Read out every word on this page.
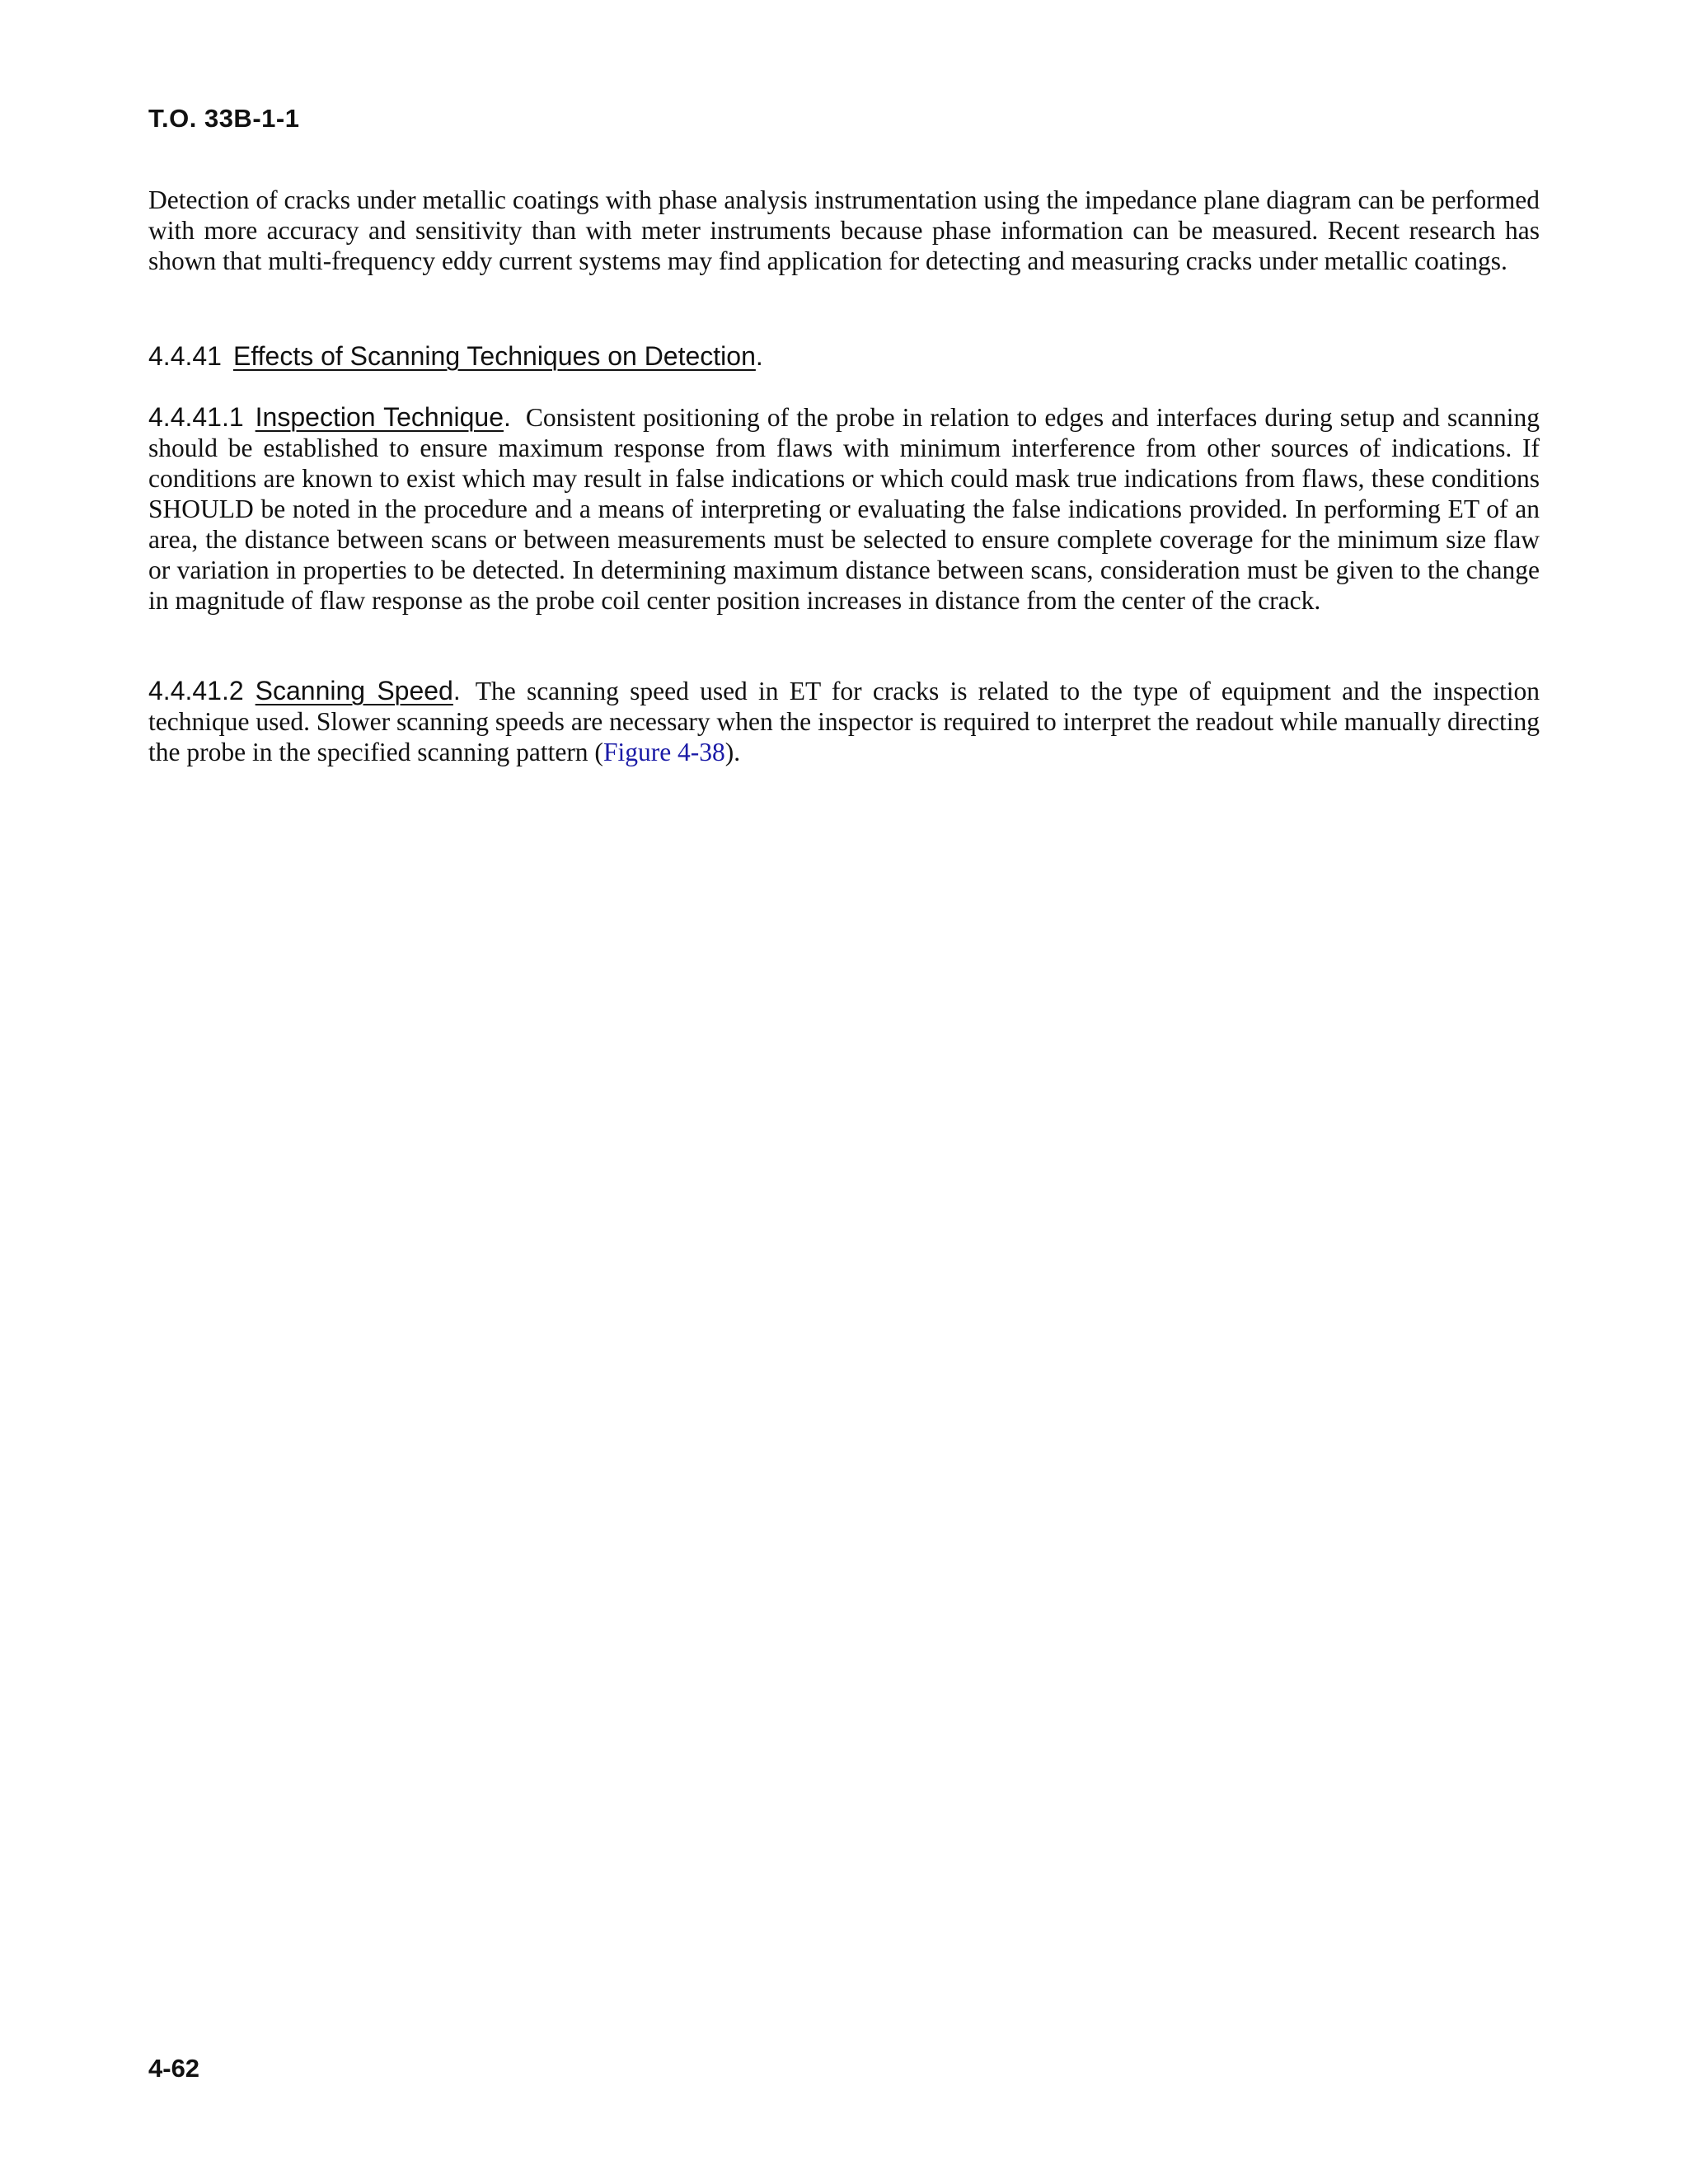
T.O. 33B-1-1

Detection of cracks under metallic coatings with phase analysis instrumentation using the impedance plane diagram can be performed with more accuracy and sensitivity than with meter instruments because phase information can be measured. Recent research has shown that multi-frequency eddy current systems may find application for detecting and measuring cracks under metallic coatings.

4.4.41 Effects of Scanning Techniques on Detection.

4.4.41.1 Inspection Technique. Consistent positioning of the probe in relation to edges and interfaces during setup and scanning should be established to ensure maximum response from flaws with minimum interference from other sources of indications. If conditions are known to exist which may result in false indications or which could mask true indications from flaws, these conditions SHOULD be noted in the procedure and a means of interpreting or evaluating the false indications provided. In performing ET of an area, the distance between scans or between measurements must be selected to ensure complete coverage for the minimum size flaw or variation in properties to be detected. In determining maximum distance between scans, consideration must be given to the change in magnitude of flaw response as the probe coil center position increases in distance from the center of the crack.

4.4.41.2 Scanning Speed. The scanning speed used in ET for cracks is related to the type of equipment and the inspection technique used. Slower scanning speeds are necessary when the inspector is required to interpret the readout while manually directing the probe in the specified scanning pattern (Figure 4-38).

4-62
